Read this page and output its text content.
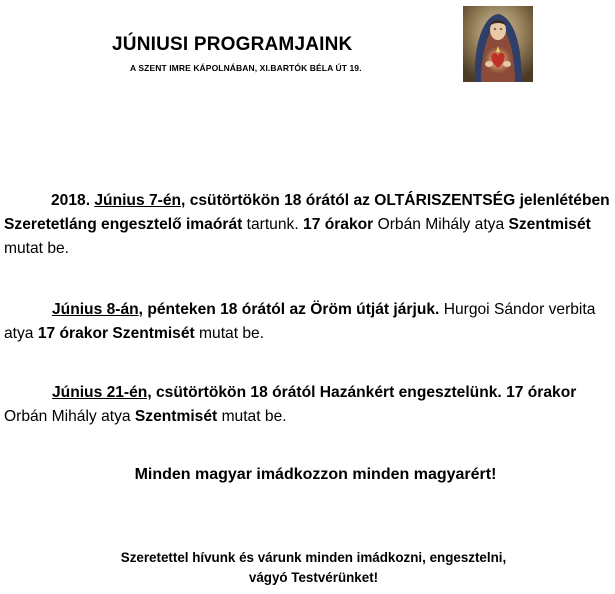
JÚNIUSI PROGRAMJAINK
A SZENT IMRE KÁPOLNÁBAN, XI.BARTÓK BÉLA ÚT 19.
2018. Június 7-én, csütörtökön 18 órától az OLTÁRISZENTSÉG jelenlétében Szeretetláng engesztelő imaórát tartunk. 17 órakor Orbán Mihály atya Szentmisét mutat be.
Június 8-án, pénteken 18 órától az Öröm útját járjuk. Hurgoi Sándor verbita atya 17 órakor Szentmisét mutat be.
Június 21-én, csütörtökön 18 órától Hazánkért engesztelünk. 17 órakor Orbán Mihály atya Szentmisét mutat be.
Minden magyar imádkozzon minden magyarért!
Szeretettel hívunk és várunk minden imádkozni, engesztelni,
vágyó Testvérünket!
